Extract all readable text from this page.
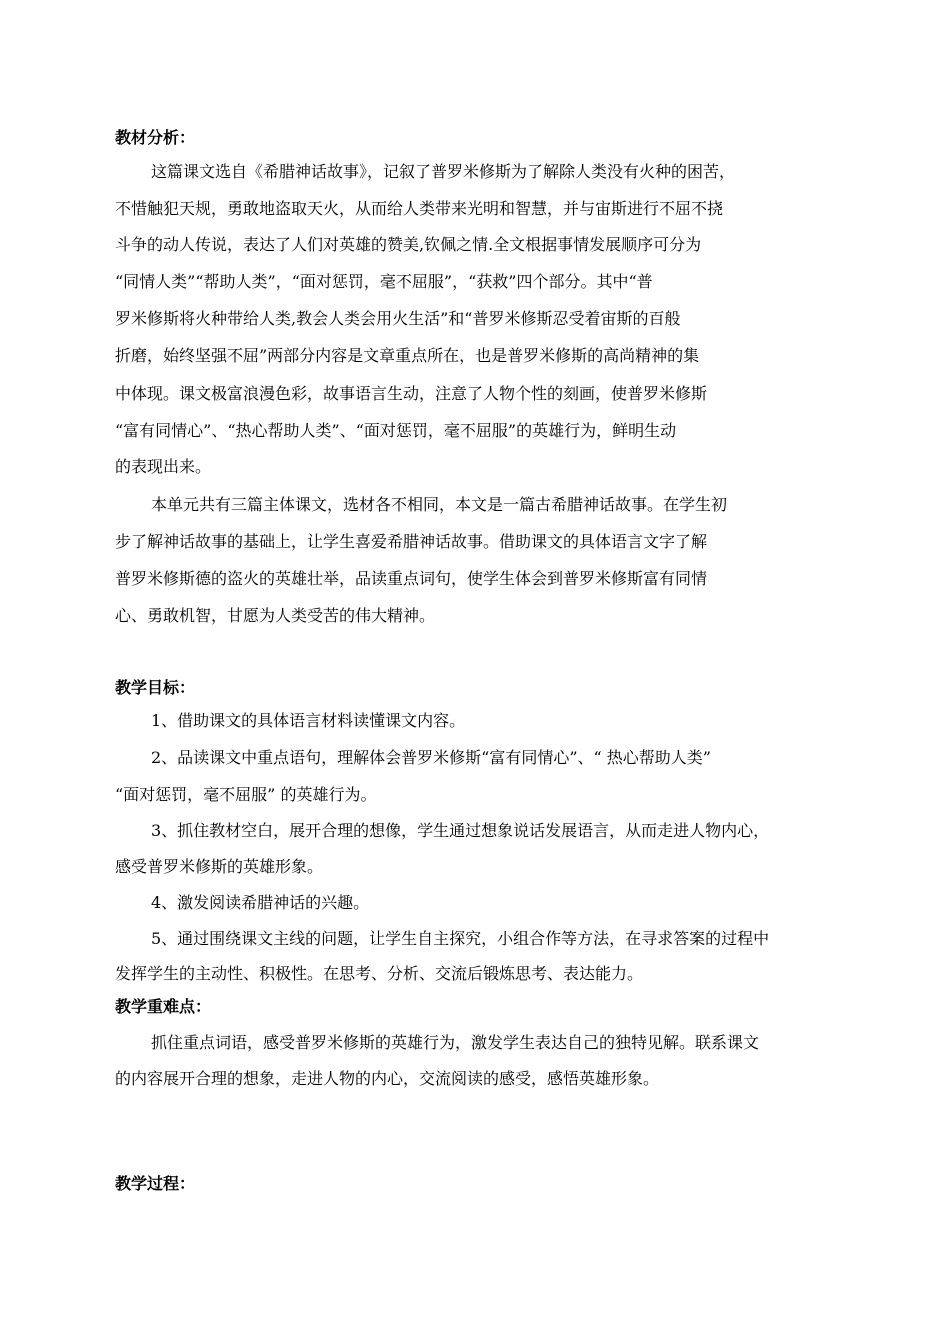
教材分析：
这篇课文选自《希腊神话故事》，记叙了普罗米修斯为了解除人类没有火种的困苦，
不惜触犯天规，勇敢地盗取天火，从而给人类带来光明和智慧，并与宙斯进行不屈不挠
斗争的动人传说，表达了人们对英雄的赞美,钦佩之情.全文根据事情发展顺序可分为
“同情人类”“帮助人类”，“面对惩罚，毫不屈服”，“获救”四个部分。其中“普
罗米修斯将火种带给人类,教会人类会用火生活”和“普罗米修斯忍受着宙斯的百般
折磨，始终坚强不屈”两部分内容是文章重点所在，也是普罗米修斯的高尚精神的集
中体现。课文极富浪漫色彩，故事语言生动，注意了人物个性的刻画，使普罗米修斯
“富有同情心”、“热心帮助人类”、“面对惩罚，毫不屈服”的英雄行为，鲜明生动
的表现出来。
本单元共有三篇主体课文，选材各不相同，本文是一篇古希腊神话故事。在学生初
步了解神话故事的基础上，让学生喜爱希腊神话故事。借助课文的具体语言文字了解
普罗米修斯德的盗火的英雄壮举，品读重点词句，使学生体会到普罗米修斯富有同情
心、勇敢机智，甘愿为人类受苦的伟大精神。
教学目标：
1、借助课文的具体语言材料读懂课文内容。
2、品读课文中重点语句，理解体会普罗米修斯“富有同情心”、“ 热心帮助人类”
“面对惩罚，毫不屈服” 的英雄行为。
3、抓住教材空白，展开合理的想像，学生通过想象说话发展语言，从而走进人物内心，
感受普罗米修斯的英雄形象。
4、激发阅读希腊神话的兴趣。
5、通过围绕课文主线的问题，让学生自主探究，小组合作等方法，在寻求答案的过程中
发挥学生的主动性、积极性。在思考、分析、交流后锻炼思考、表达能力。
教学重难点：
抓住重点词语，感受普罗米修斯的英雄行为，激发学生表达自己的独特见解。联系课文
的内容展开合理的想象，走进人物的内心，交流阅读的感受，感悟英雄形象。
教学过程：
